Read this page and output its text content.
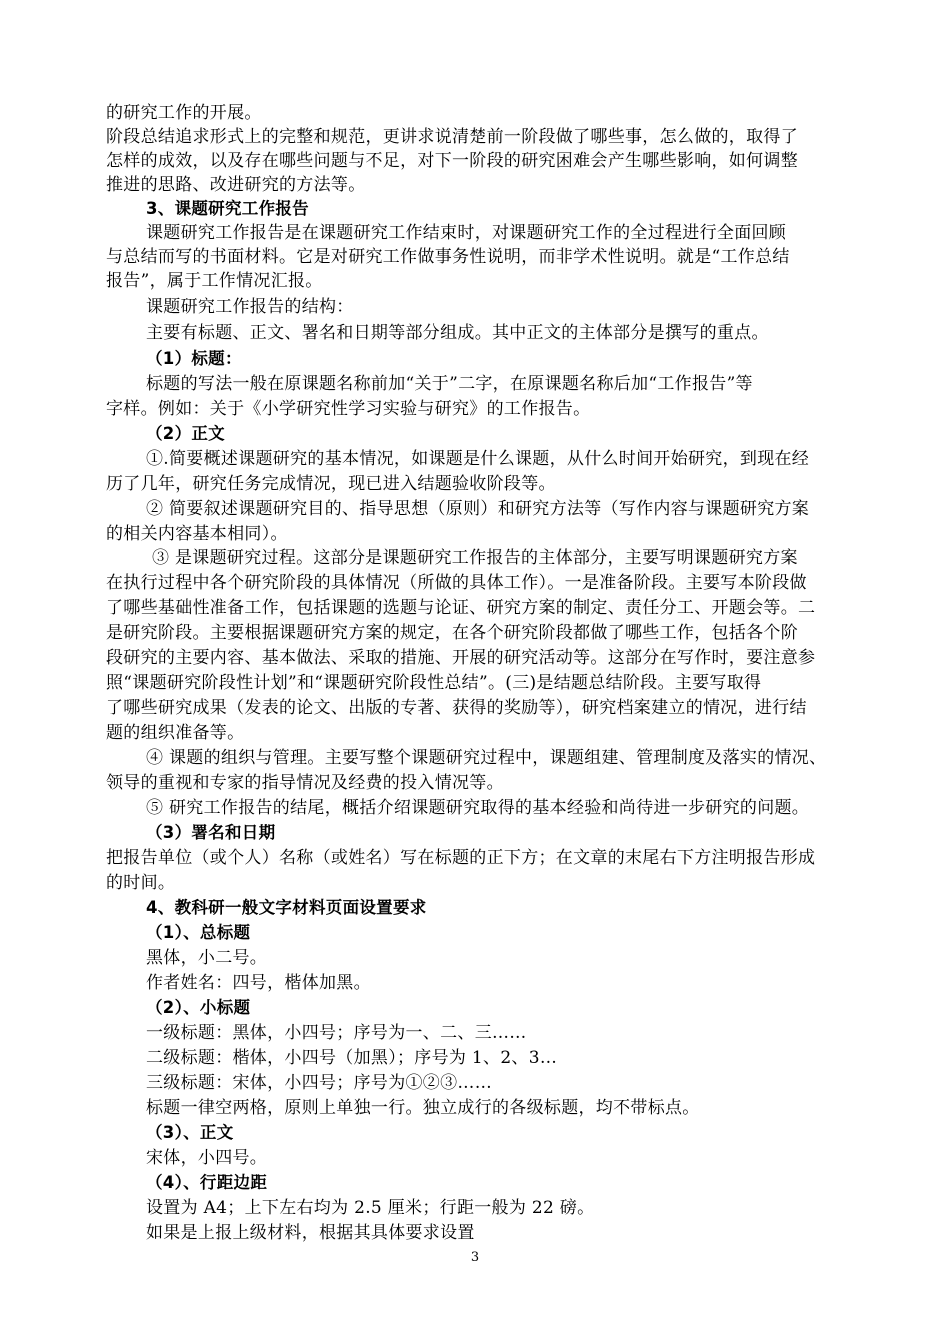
的研究工作的开展。
阶段总结追求形式上的完整和规范，更讲求说清楚前一阶段做了哪些事，怎么做的，取得了
怎样的成效，以及存在哪些问题与不足，对下一阶段的研究困难会产生哪些影响，如何调整
推进的思路、改进研究的方法等。
3、课题研究工作报告
课题研究工作报告是在课题研究工作结束时，对课题研究工作的全过程进行全面回顾
与总结而写的书面材料。它是对研究工作做事务性说明，而非学术性说明。就是“工作总结
报告”，属于工作情况汇报。
课题研究工作报告的结构：
主要有标题、正文、署名和日期等部分组成。其中正文的主体部分是撰写的重点。
（1）标题：
标题的写法一般在原课题名称前加“关于”二字，在原课题名称后加“工作报告”等
字样。例如：关于《小学研究性学习实验与研究》的工作报告。
（2）正文
①.简要概述课题研究的基本情况，如课题是什么课题，从什么时间开始研究，到现在经
历了几年，研究任务完成情况，现已进入结题验收阶段等。
② 简要叙述课题研究目的、指导思想（原则）和研究方法等（写作内容与课题研究方案
的相关内容基本相同）。
③ 是课题研究过程。这部分是课题研究工作报告的主体部分，主要写明课题研究方案
在执行过程中各个研究阶段的具体情况（所做的具体工作）。一是准备阶段。主要写本阶段做
了哪些基础性准备工作，包括课题的选题与论证、研究方案的制定、责任分工、开题会等。二
是研究阶段。主要根据课题研究方案的规定，在各个研究阶段都做了哪些工作，包括各个阶
段研究的主要内容、基本做法、采取的措施、开展的研究活动等。这部分在写作时，要注意参
照“课题研究阶段性计划”和“课题研究阶段性总结”。(三)是结题总结阶段。主要写取得
了哪些研究成果（发表的论文、出版的专著、获得的奖励等），研究档案建立的情况，进行结
题的组织准备等。
④ 课题的组织与管理。主要写整个课题研究过程中，课题组建、管理制度及落实的情况、
领导的重视和专家的指导情况及经费的投入情况等。
⑤ 研究工作报告的结尾，概括介绍课题研究取得的基本经验和尚待进一步研究的问题。
（3）署名和日期
把报告单位（或个人）名称（或姓名）写在标题的正下方；在文章的末尾右下方注明报告形成
的时间。
4、教科研一般文字材料页面设置要求
（1）、总标题
黑体，小二号。
作者姓名：四号，楷体加黑。
（2）、小标题
一级标题：黑体，小四号；序号为一、二、三……
二级标题：楷体，小四号（加黑）；序号为 1、2、3…
三级标题：宋体，小四号；序号为①②③……
标题一律空两格，原则上单独一行。独立成行的各级标题，均不带标点。
（3）、正文
宋体，小四号。
（4）、行距边距
设置为 A4；上下左右均为 2.5 厘米；行距一般为 22 磅。
如果是上报上级材料，根据其具体要求设置
3
